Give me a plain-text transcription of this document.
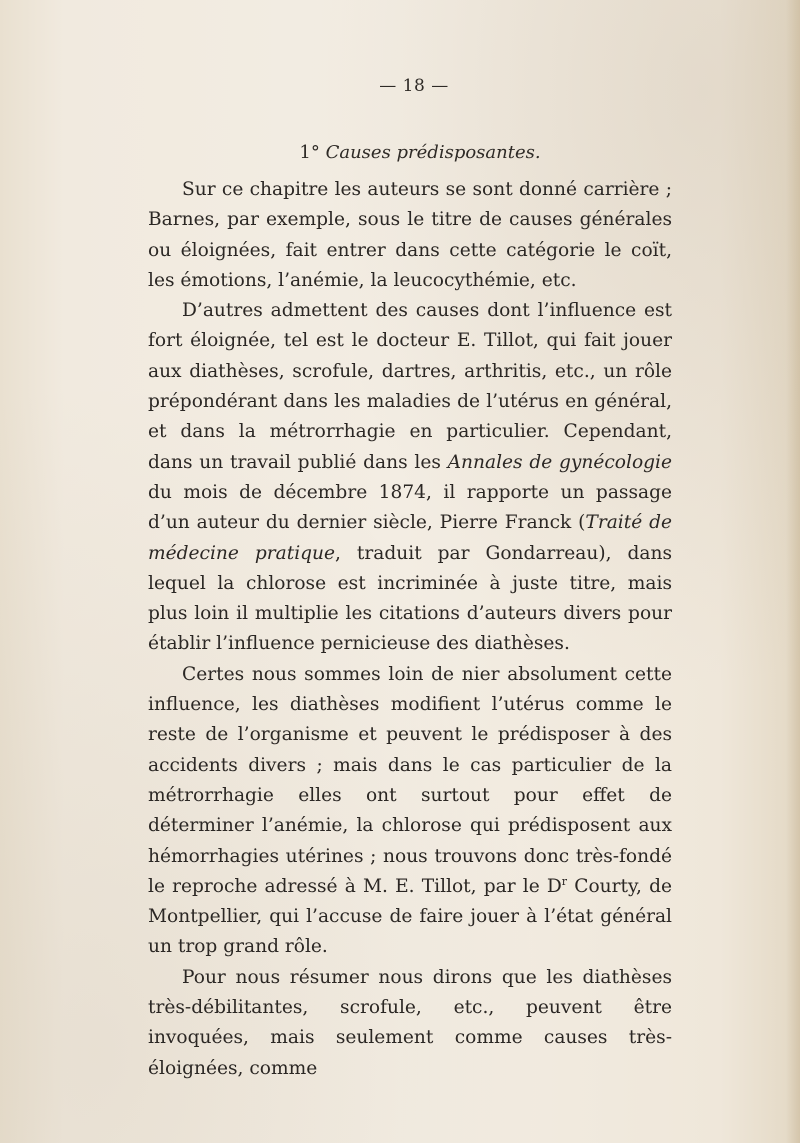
— 18 —
1° Causes prédisposantes.

Sur ce chapitre les auteurs se sont donné carrière ; Barnes, par exemple, sous le titre de causes générales ou éloignées, fait entrer dans cette catégorie le coït, les émotions, l’anémie, la leucocythémie, etc.

D’autres admettent des causes dont l’influence est fort éloignée, tel est le docteur E. Tillot, qui fait jouer aux diathèses, scrofule, dartres, arthritis, etc., un rôle prépondérant dans les maladies de l’utérus en général, et dans la métrorrhagie en particulier. Cependant, dans un travail publié dans les Annales de gynécologie du mois de décembre 1874, il rapporte un passage d’un auteur du dernier siècle, Pierre Franck (Traité de médecine pratique, traduit par Gondarreau), dans lequel la chlorose est incriminée à juste titre, mais plus loin il multiplie les citations d’auteurs divers pour établir l’influence pernicieuse des diathèses.

Certes nous sommes loin de nier absolument cette influence, les diathèses modifient l’utérus comme le reste de l’organisme et peuvent le prédisposer à des accidents divers ; mais dans le cas particulier de la métrorrhagie elles ont surtout pour effet de déterminer l’anémie, la chlorose qui prédisposent aux hémorrhagies utérines ; nous trouvons donc très-fondé le reproche adressé à M. E. Tillot, par le $D^r$ Courty, de Montpellier, qui l’accuse de faire jouer à l’état général un trop grand rôle.

Pour nous résumer nous dirons que les diathèses très-débilitantes, scrofule, etc., peuvent être invoquées, mais seulement comme causes très-éloignées, comme
